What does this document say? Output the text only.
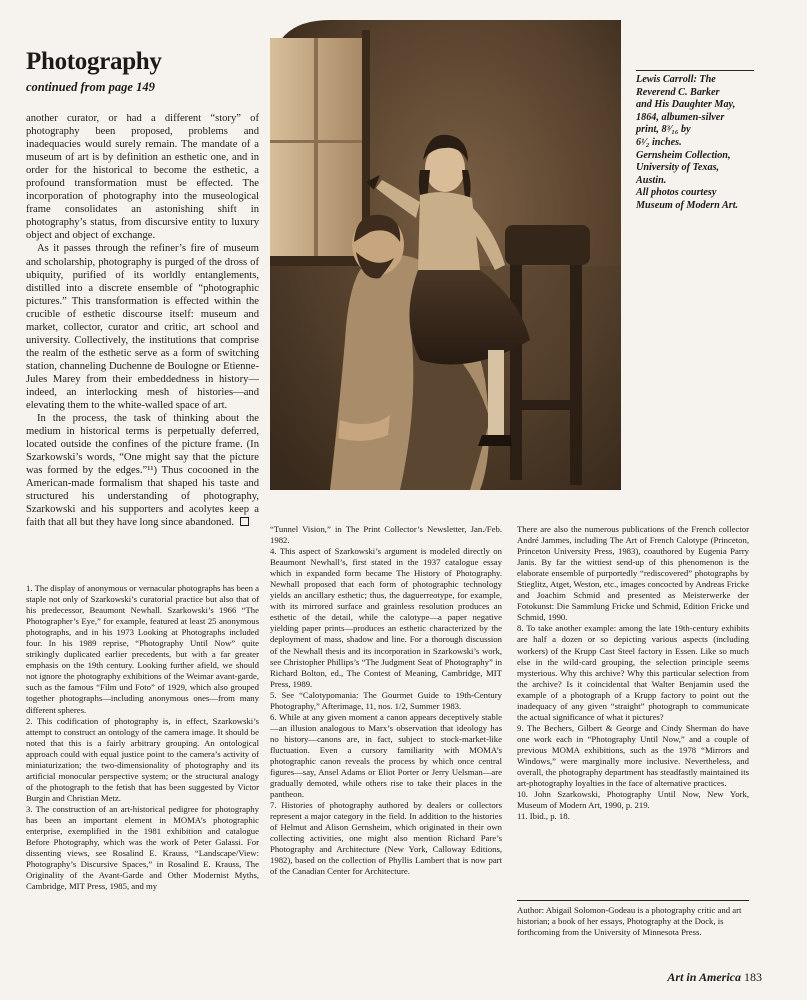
Photography
continued from page 149

another curator, or had a different “story” of photography been proposed, problems and inadequacies would surely remain. The mandate of a museum of art is by definition an esthetic one, and in order for the historical to become the esthetic, a profound transformation must be effected. The incorporation of photography into the museological frame consolidates an astonishing shift in photography’s status, from discursive entity to luxury object and object of exchange.

As it passes through the refiner’s fire of museum and scholarship, photography is purged of the dross of ubiquity, purified of its worldly entanglements, distilled into a discrete ensemble of “photographic pictures.” This transformation is effected within the crucible of esthetic discourse itself: museum and market, collector, curator and critic, art school and university. Collectively, the institutions that comprise the realm of the esthetic serve as a form of switching station, channeling Duchenne de Boulogne or Etienne-Jules Marey from their embeddedness in history—indeed, an interlocking mesh of histories—and elevating them to the white-walled space of art.

In the process, the task of thinking about the medium in historical terms is perpetually deferred, located outside the confines of the picture frame. (In Szarkowski’s words, “One might say that the picture was formed by the edges.”¹¹) Thus cocooned in the American-made formalism that shaped his taste and structured his understanding of photography, Szarkowski and his supporters and acolytes keep a faith that all but they have long since abandoned.

1. The display of anonymous or vernacular photographs has been a staple not only of Szarkowski’s curatorial practice but also that of his predecessor, Beaumont Newhall. Szarkowski’s 1966 “The Photographer’s Eye,” for example, featured at least 25 anonymous photographs, and in his 1973 Looking at Photographs included four. In his 1989 reprise, “Photography Until Now” quite strikingly duplicated earlier precedents, but with a far greater emphasis on the 19th century. Looking further afield, we should not ignore the photography exhibitions of the Weimar avant-garde, such as the famous “Film und Foto” of 1929, which also grouped together photographs—including anonymous ones—from many different spheres.

2. This codification of photography is, in effect, Szarkowski’s attempt to construct an ontology of the camera image. It should be noted that this is a fairly arbitrary grouping. An ontological approach could with equal justice point to the camera’s activity of miniaturization; the two-dimensionality of photography and its artificial monocular perspective system; or the structural analogy of the photograph to the fetish that has been suggested by Victor Burgin and Christian Metz.

3. The construction of an art-historical pedigree for photography has been an important element in MOMA’s photographic enterprise, exemplified in the 1981 exhibition and catalogue Before Photography, which was the work of Peter Galassi. For dissenting views, see Rosalind E. Krauss, “Landscape/View: Photography’s Discursive Spaces,” in Rosalind E. Krauss, The Originality of the Avant-Garde and Other Modernist Myths, Cambridge, MIT Press, 1985, and my

Lewis Carroll: The
Reverend C. Barker
and His Daughter May,
1864, albumen-silver
print, 8³⁄₁₆ by
6¹⁄₂ inches.
Gernsheim Collection,
University of Texas,
Austin.
All photos courtesy
Museum of Modern Art.

“Tunnel Vision,” in The Print Collector’s Newsletter, Jan./Feb. 1982.

4. This aspect of Szarkowski’s argument is modeled directly on Beaumont Newhall’s, first stated in the 1937 catalogue essay which in expanded form became The History of Photography. Newhall proposed that each form of photographic technology yields an ancillary esthetic; thus, the daguerreotype, for example, with its mirrored surface and grainless resolution produces an esthetic of the detail, while the calotype—a paper negative yielding paper prints—produces an esthetic characterized by the deployment of mass, shadow and line. For a thorough discussion of the Newhall thesis and its incorporation in Szarkowski’s work, see Christopher Phillips’s “The Judgment Seat of Photography” in Richard Bolton, ed., The Contest of Meaning, Cambridge, MIT Press, 1989.

5. See “Calotypomania: The Gourmet Guide to 19th-Century Photography,” Afterimage, 11, nos. 1/2, Summer 1983.

6. While at any given moment a canon appears deceptively stable—an illusion analogous to Marx’s observation that ideology has no history—canons are, in fact, subject to stock-market-like fluctuation. Even a cursory familiarity with MOMA’s photographic canon reveals the process by which once central figures—say, Ansel Adams or Eliot Porter or Jerry Uelsman—are gradually demoted, while others rise to take their places in the pantheon.

7. Histories of photography authored by dealers or collectors represent a major category in the field. In addition to the histories of Helmut and Alison Gernsheim, which originated in their own collecting activities, one might also mention Richard Pare’s Photography and Architecture (New York, Calloway Editions, 1982), based on the collection of Phyllis Lambert that is now part of the Canadian Center for Architecture.

There are also the numerous publications of the French collector André Jammes, including The Art of French Calotype (Princeton, Princeton University Press, 1983), coauthored by Eugenia Parry Janis. By far the wittiest send-up of this phenomenon is the elaborate ensemble of purportedly “rediscovered” photographs by Stieglitz, Atget, Weston, etc., images concocted by Andreas Fricke and Joachim Schmid and presented as Meisterwerke der Fotokunst: Die Sammlung Fricke und Schmid, Edition Fricke und Schmid, 1990.

8. To take another example: among the late 19th-century exhibits are half a dozen or so depicting various aspects (including workers) of the Krupp Cast Steel factory in Essen. Like so much else in the wild-card grouping, the selection principle seems mysterious. Why this archive? Why this particular selection from the archive? Is it coincidental that Walter Benjamin used the example of a photograph of a Krupp factory to point out the inadequacy of any given “straight” photograph to communicate the actual significance of what it pictures?

9. The Bechers, Gilbert & George and Cindy Sherman do have one work each in “Photography Until Now,” and a couple of previous MOMA exhibitions, such as the 1978 “Mirrors and Windows,” were marginally more inclusive. Nevertheless, and overall, the photography department has steadfastly maintained its art-photography loyalties in the face of alternative practices.

10. John Szarkowski, Photography Until Now, New York, Museum of Modern Art, 1990, p. 219.

11. Ibid., p. 18.

Author: Abigail Solomon-Godeau is a photography critic and art historian; a book of her essays, Photography at the Dock, is forthcoming from the University of Minnesota Press.
Art in America 183
